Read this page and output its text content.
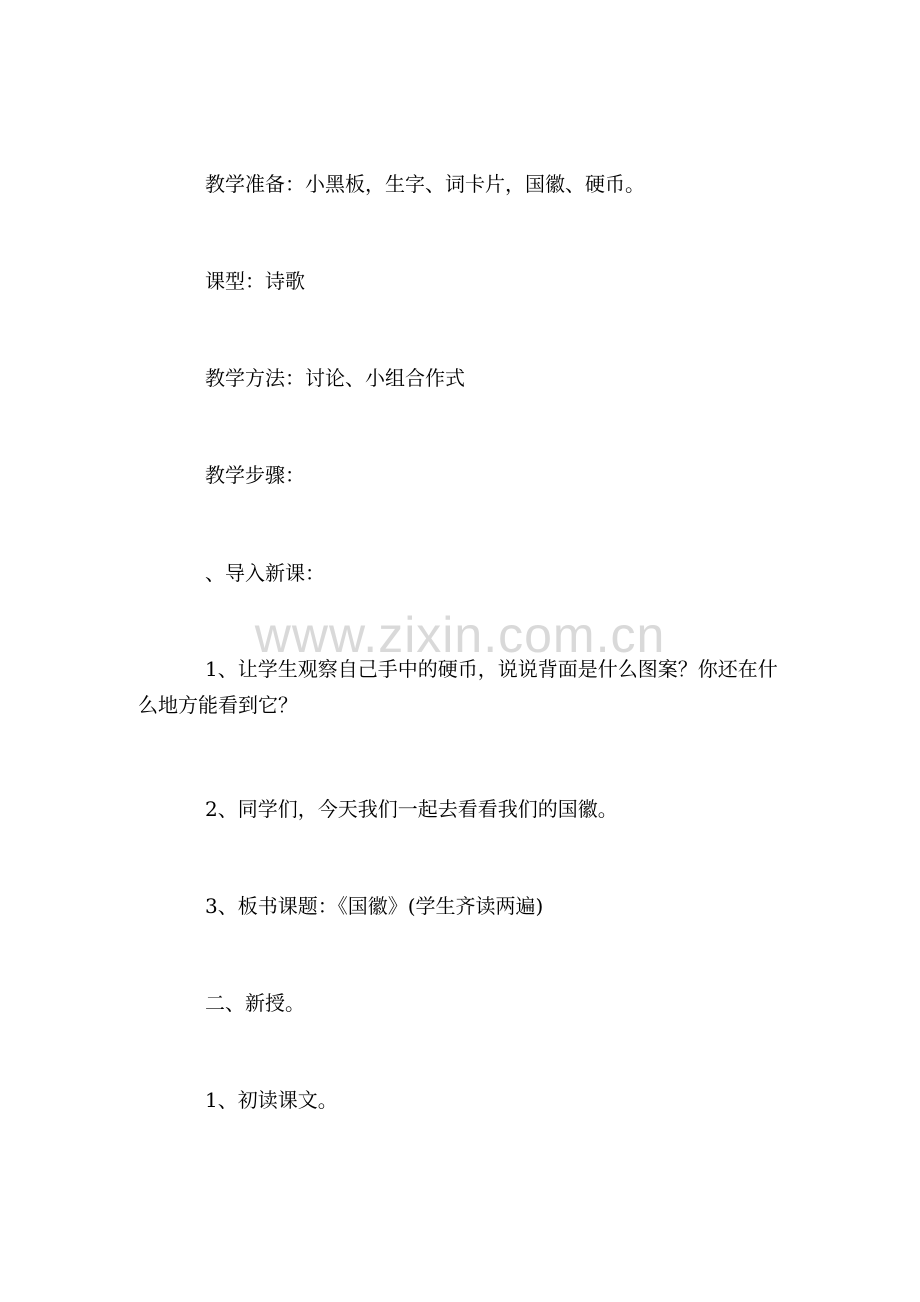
www.zixin.com.cn

教学准备：小黑板，生字、词卡片，国徽、硬币。

课型：诗歌

教学方法：讨论、小组合作式

教学步骤：

、导入新课：

1、让学生观察自己手中的硬币，说说背面是什么图案？你还在什么地方能看到它？

2、同学们，今天我们一起去看看我们的国徽。

3、板书课题：《国徽》(学生齐读两遍)

二、新授。

1、初读课文。
